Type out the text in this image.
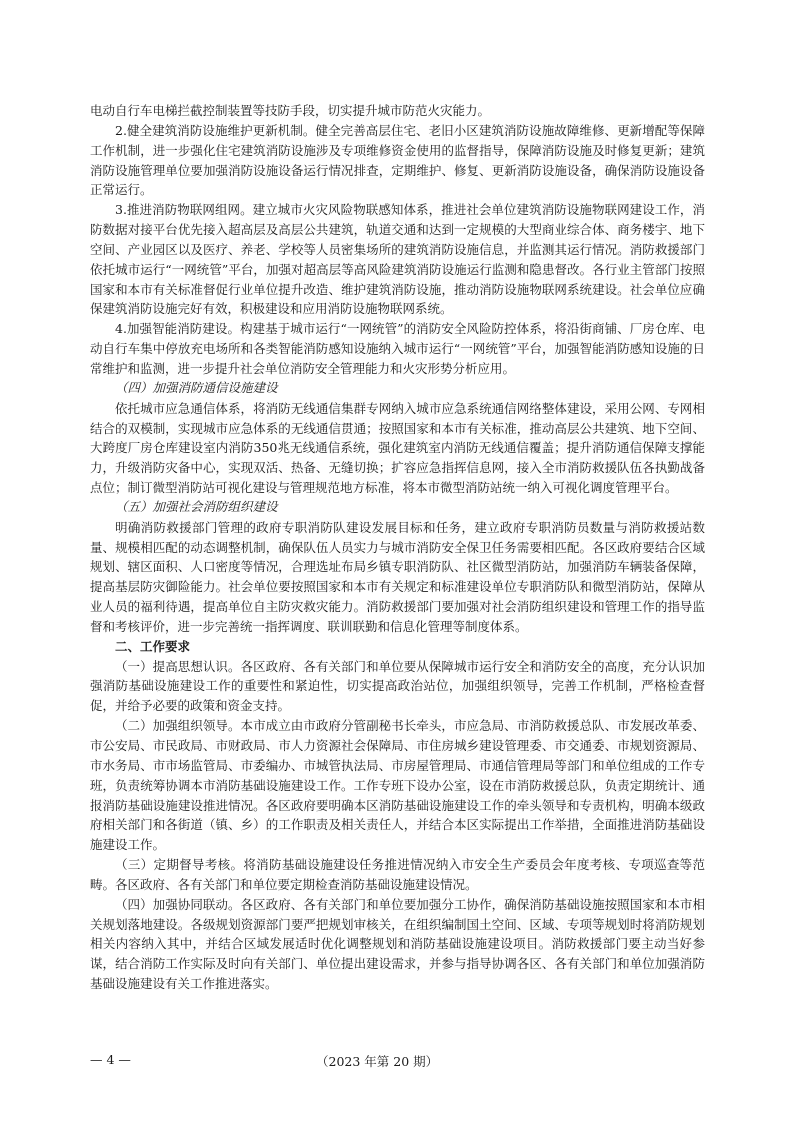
电动自行车电梯拦截控制装置等技防手段，切实提升城市防范火灾能力。

2.健全建筑消防设施维护更新机制。健全完善高层住宅、老旧小区建筑消防设施故障维修、更新增配等保障工作机制，进一步强化住宅建筑消防设施涉及专项维修资金使用的监督指导，保障消防设施及时修复更新；建筑消防设施管理单位要加强消防设施设备运行情况排查，定期维护、修复、更新消防设施设备，确保消防设施设备正常运行。

3.推进消防物联网组网。建立城市火灾风险物联感知体系，推进社会单位建筑消防设施物联网建设工作，消防数据对接平台优先接入超高层及高层公共建筑，轨道交通和达到一定规模的大型商业综合体、商务楼宇、地下空间、产业园区以及医疗、养老、学校等人员密集场所的建筑消防设施信息，并监测其运行情况。消防救援部门依托城市运行“一网统管”平台，加强对超高层等高风险建筑消防设施运行监测和隐患督改。各行业主管部门按照国家和本市有关标准督促行业单位提升改造、维护建筑消防设施，推动消防设施物联网系统建设。社会单位应确保建筑消防设施完好有效，积极建设和应用消防设施物联网系统。

4.加强智能消防建设。构建基于城市运行“一网统管”的消防安全风险防控体系，将沿街商铺、厂房仓库、电动自行车集中停放充电场所和各类智能消防感知设施纳入城市运行“一网统管”平台，加强智能消防感知设施的日常维护和监测，进一步提升社会单位消防安全管理能力和火灾形势分析应用。

（四）加强消防通信设施建设

依托城市应急通信体系，将消防无线通信集群专网纳入城市应急系统通信网络整体建设，采用公网、专网相结合的双模制，实现城市应急体系的无线通信贯通；按照国家和本市有关标准，推动高层公共建筑、地下空间、大跨度厂房仓库建设室内消防350兆无线通信系统，强化建筑室内消防无线通信覆盖；提升消防通信保障支撑能力，升级消防灾备中心，实现双活、热备、无缝切换；扩容应急指挥信息网，接入全市消防救援队伍各执勤战备点位；制订微型消防站可视化建设与管理规范地方标准，将本市微型消防站统一纳入可视化调度管理平台。

（五）加强社会消防组织建设

明确消防救援部门管理的政府专职消防队建设发展目标和任务，建立政府专职消防员数量与消防救援站数量、规模相匹配的动态调整机制，确保队伍人员实力与城市消防安全保卫任务需要相匹配。各区政府要结合区域规划、辖区面积、人口密度等情况，合理选址布局乡镇专职消防队、社区微型消防站，加强消防车辆装备保障，提高基层防灾御险能力。社会单位要按照国家和本市有关规定和标准建设单位专职消防队和微型消防站，保障从业人员的福利待遇，提高单位自主防灾救灾能力。消防救援部门要加强对社会消防组织建设和管理工作的指导监督和考核评价，进一步完善统一指挥调度、联训联勤和信息化管理等制度体系。

二、工作要求

（一）提高思想认识。各区政府、各有关部门和单位要从保障城市运行安全和消防安全的高度，充分认识加强消防基础设施建设工作的重要性和紧迫性，切实提高政治站位，加强组织领导，完善工作机制，严格检查督促，并给予必要的政策和资金支持。

（二）加强组织领导。本市成立由市政府分管副秘书长牵头，市应急局、市消防救援总队、市发展改革委、市公安局、市民政局、市财政局、市人力资源社会保障局、市住房城乡建设管理委、市交通委、市规划资源局、市水务局、市市场监管局、市委编办、市城管执法局、市房屋管理局、市通信管理局等部门和单位组成的工作专班，负责统筹协调本市消防基础设施建设工作。工作专班下设办公室，设在市消防救援总队，负责定期统计、通报消防基础设施建设推进情况。各区政府要明确本区消防基础设施建设工作的牵头领导和专责机构，明确本级政府相关部门和各街道（镇、乡）的工作职责及相关责任人，并结合本区实际提出工作举措，全面推进消防基础设施建设工作。

（三）定期督导考核。将消防基础设施建设任务推进情况纳入市安全生产委员会年度考核、专项巡查等范畴。各区政府、各有关部门和单位要定期检查消防基础设施建设情况。

（四）加强协同联动。各区政府、各有关部门和单位要加强分工协作，确保消防基础设施按照国家和本市相关规划落地建设。各级规划资源部门要严把规划审核关，在组织编制国土空间、区域、专项等规划时将消防规划相关内容纳入其中，并结合区域发展适时优化调整规划和消防基础设施建设项目。消防救援部门要主动当好参谋，结合消防工作实际及时向有关部门、单位提出建设需求，并参与指导协调各区、各有关部门和单位加强消防基础设施建设有关工作推进落实。

— 4 —	（2023 年第 20 期）
